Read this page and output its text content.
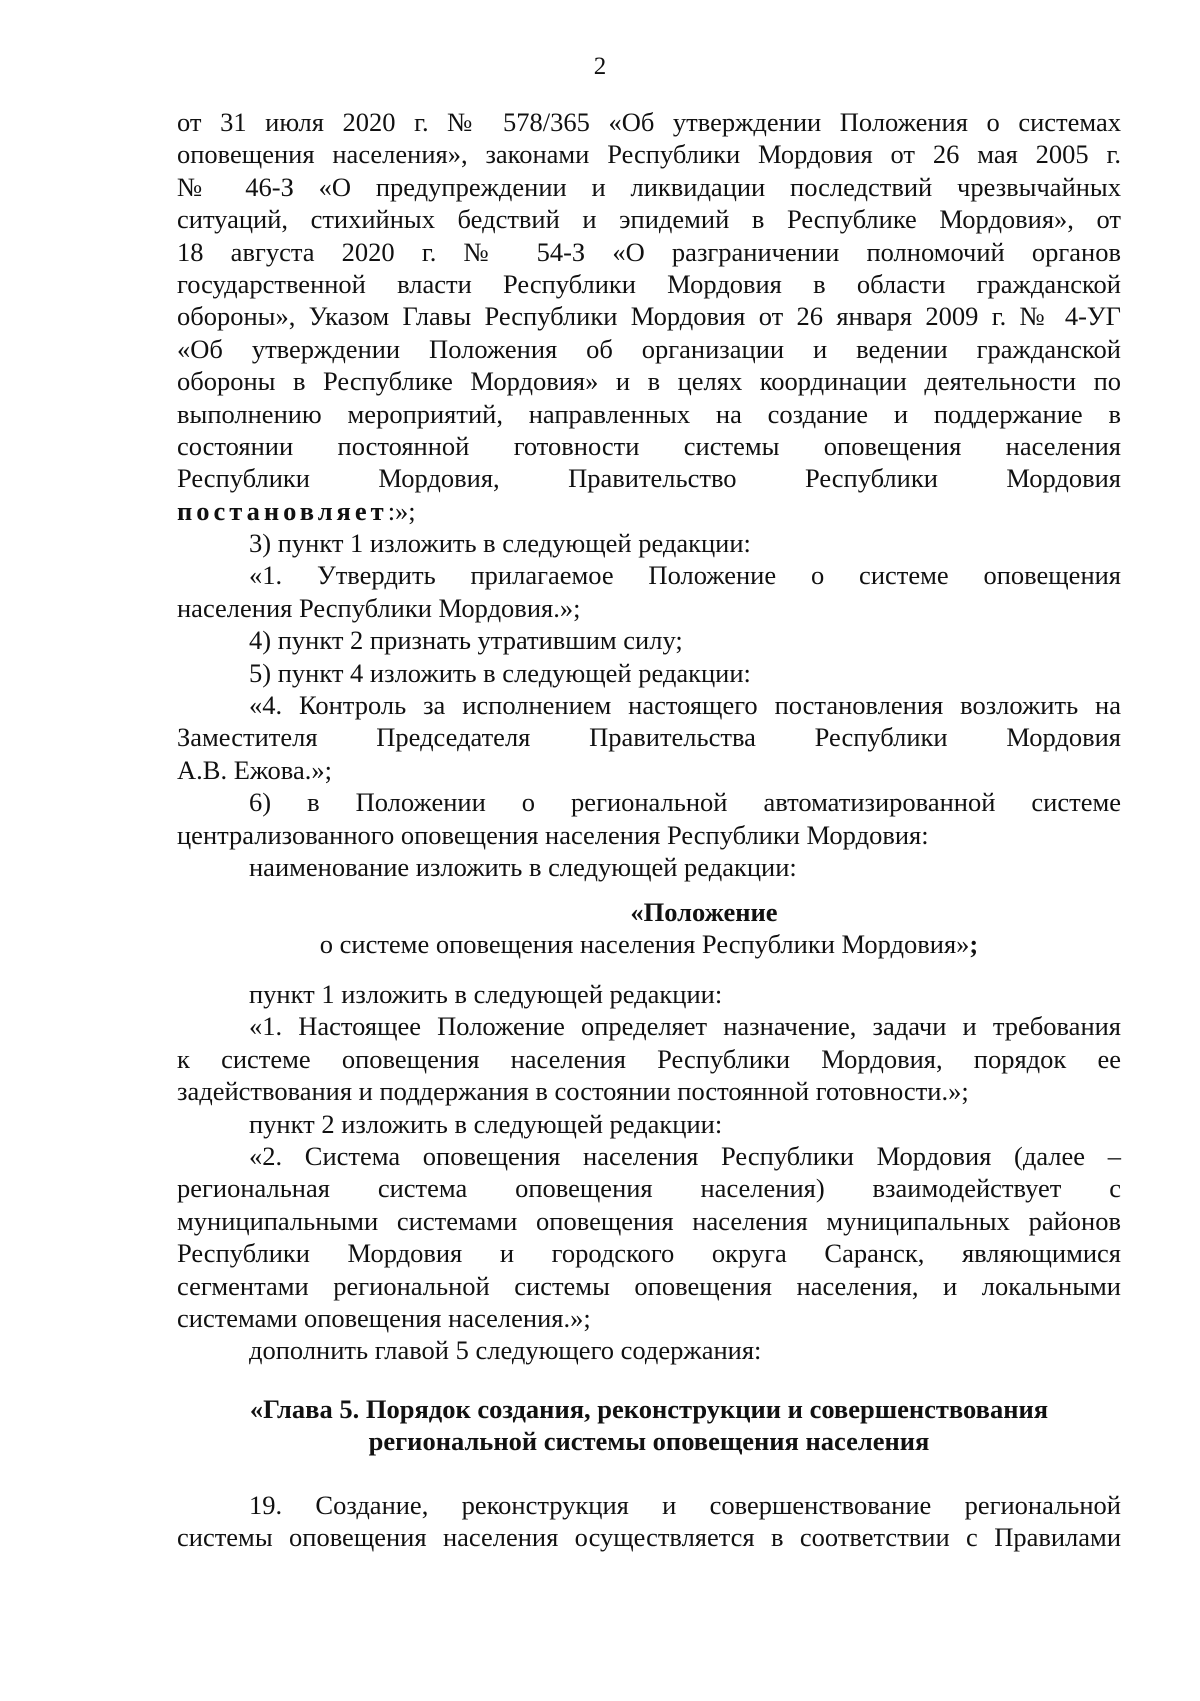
2
от 31 июля 2020 г. № 578/365 «Об утверждении Положения о системах
оповещения населения», законами Республики Мордовия от 26 мая 2005 г.
№ 46-З «О предупреждении и ликвидации последствий чрезвычайных
ситуаций, стихийных бедствий и эпидемий в Республике Мордовия», от
18 августа 2020 г. № 54-З «О разграничении полномочий органов
государственной власти Республики Мордовия в области гражданской
обороны», Указом Главы Республики Мордовия от 26 января 2009 г. № 4-УГ
«Об утверждении Положения об организации и ведении гражданской
обороны в Республике Мордовия» и в целях координации деятельности по
выполнению мероприятий, направленных на создание и поддержание в
состоянии постоянной готовности системы оповещения населения
Республики Мордовия, Правительство Республики Мордовия
постановляет:»;
3) пункт 1 изложить в следующей редакции:
«1. Утвердить прилагаемое Положение о системе оповещения
населения Республики Мордовия.»;
4) пункт 2 признать утратившим силу;
5) пункт 4 изложить в следующей редакции:
«4. Контроль за исполнением настоящего постановления возложить на
Заместителя Председателя Правительства Республики Мордовия
А.В. Ежова.»;
6) в Положении о региональной автоматизированной системе
централизованного оповещения населения Республики Мордовия:
наименование изложить в следующей редакции:
«Положение
о системе оповещения населения Республики Мордовия»;
пункт 1 изложить в следующей редакции:
«1. Настоящее Положение определяет назначение, задачи и требования
к системе оповещения населения Республики Мордовия, порядок ее
задействования и поддержания в состоянии постоянной готовности.»;
пункт 2 изложить в следующей редакции:
«2. Система оповещения населения Республики Мордовия (далее –
региональная система оповещения населения) взаимодействует с
муниципальными системами оповещения населения муниципальных районов
Республики Мордовия и городского округа Саранск, являющимися
сегментами региональной системы оповещения населения, и локальными
системами оповещения населения.»;
дополнить главой 5 следующего содержания:
«Глава 5. Порядок создания, реконструкции и совершенствования
региональной системы оповещения населения
19. Создание, реконструкция и совершенствование региональной
системы оповещения населения осуществляется в соответствии с Правилами
